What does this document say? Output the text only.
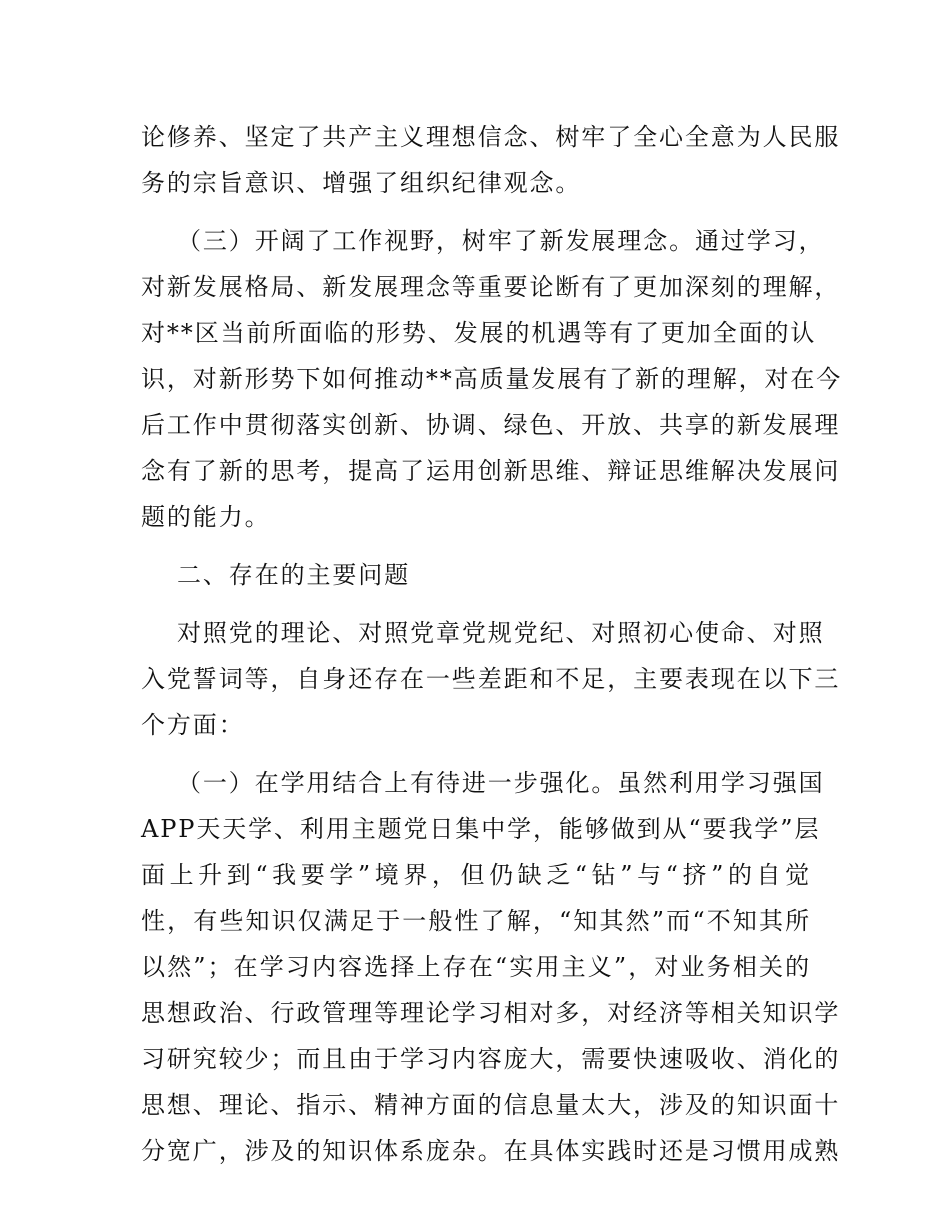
论修养、坚定了共产主义理想信念、树牢了全心全意为人民服
务的宗旨意识、增强了组织纪律观念。
（三）开阔了工作视野，树牢了新发展理念。通过学习，
对新发展格局、新发展理念等重要论断有了更加深刻的理解，
对**区当前所面临的形势、发展的机遇等有了更加全面的认
识，对新形势下如何推动**高质量发展有了新的理解，对在今
后工作中贯彻落实创新、协调、绿色、开放、共享的新发展理
念有了新的思考，提高了运用创新思维、辩证思维解决发展问
题的能力。
二、存在的主要问题
对照党的理论、对照党章党规党纪、对照初心使命、对照
入党誓词等，自身还存在一些差距和不足，主要表现在以下三
个方面：
（一）在学用结合上有待进一步强化。虽然利用学习强国
APP天天学、利用主题党日集中学，能够做到从“要我学”层
面上升到“我要学”境界，但仍缺乏“钻”与“挤”的自觉
性，有些知识仅满足于一般性了解，“知其然”而“不知其所
以然”；在学习内容选择上存在“实用主义”，对业务相关的
思想政治、行政管理等理论学习相对多，对经济等相关知识学
习研究较少；而且由于学习内容庞大，需要快速吸收、消化的
思想、理论、指示、精神方面的信息量太大，涉及的知识面十
分宽广，涉及的知识体系庞杂。在具体实践时还是习惯用成熟
